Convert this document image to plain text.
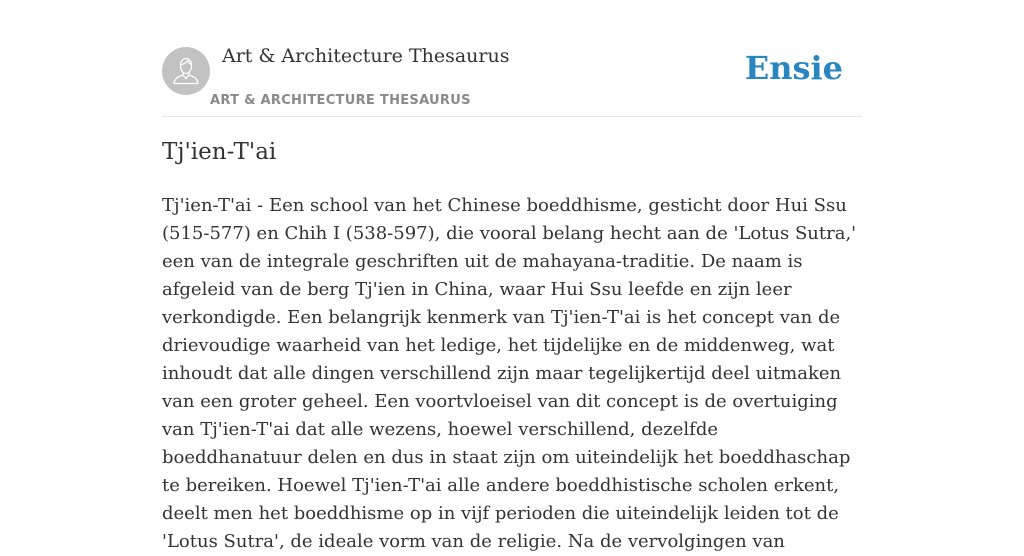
Art & Architecture Thesaurus
ART & ARCHITECTURE THESAURUS
Ensie
Tj'ien-T'ai

Tj'ien-T'ai - Een school van het Chinese boeddhisme, gesticht door Hui Ssu (515-577) en Chih I (538-597), die vooral belang hecht aan de 'Lotus Sutra,' een van de integrale geschriften uit de mahayana-traditie. De naam is afgeleid van de berg Tj'ien in China, waar Hui Ssu leefde en zijn leer verkondigde. Een belangrijk kenmerk van Tj'ien-T'ai is het concept van de drievoudige waarheid van het ledige, het tijdelijke en de middenweg, wat inhoudt dat alle dingen verschillend zijn maar tegelijkertijd deel uitmaken van een groter geheel. Een voortvloeisel van dit concept is de overtuiging van Tj'ien-T'ai dat alle wezens, hoewel verschillend, dezelfde boeddhanatuur delen en dus in staat zijn om uiteindelijk het boeddhaschap te bereiken. Hoewel Tj'ien-T'ai alle andere boeddhistische scholen erkent, deelt men het boeddhisme op in vijf perioden die uiteindelijk leiden tot de 'Lotus Sutra', de ideale vorm van de religie. Na de vervolgingen van
